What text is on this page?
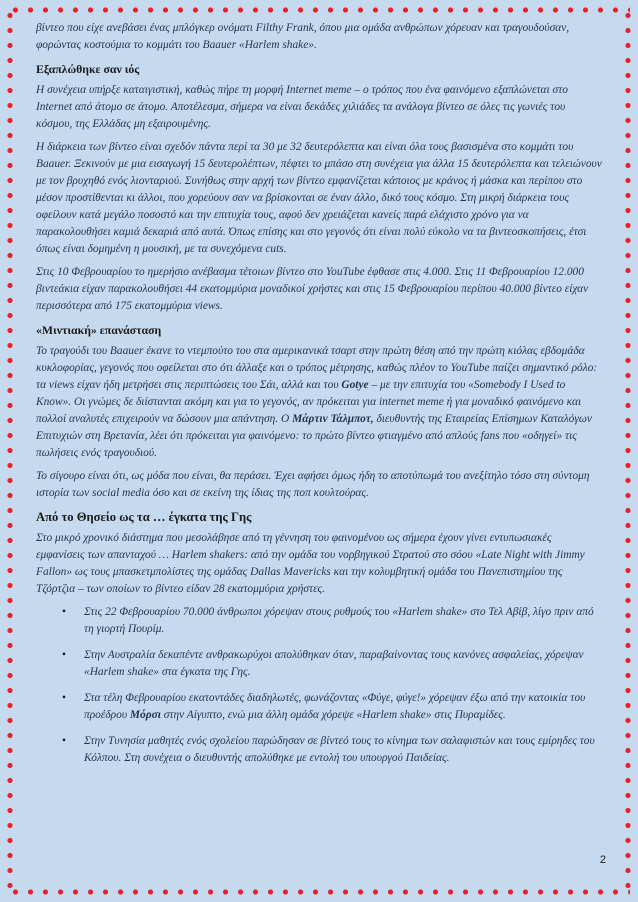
βίντεο που είχε ανεβάσει ένας μπλόγκερ ονόματι Filthy Frank, όπου μια ομάδα ανθρώπων χόρευαν και τραγουδούσαν, φορώντας κοστούμια το κομμάτι του Baauer «Harlem shake».

Εξαπλώθηκε σαν ιός

Η συνέχεια υπήρξε καταιγιστική, καθώς πήρε τη μορφή Internet meme – ο τρόπος που ένα φαινόμενο εξαπλώνεται στο Internet από άτομο σε άτομο. Αποτέλεσμα, σήμερα να είναι δεκάδες χιλιάδες τα ανάλογα βίντεο σε όλες τις γωνιές του κόσμου, της Ελλάδας μη εξαιρουμένης.

Η διάρκεια των βίντεο είναι σχεδόν πάντα περί τα 30 με 32 δευτερόλεπτα και είναι όλα τους βασισμένα στο κομμάτι του Baauer. Ξεκινούν με μια εισαγωγή 15 δευτερολέπτων, πέφτει το μπάσο στη συνέχεια για άλλα 15 δευτερόλεπτα και τελειώνουν με τον βρυχηθό ενός λιονταριού. Συνήθως στην αρχή των βίντεο εμφανίζεται κάποιος με κράνος ή μάσκα και περίπου στο μέσον προστίθενται κι άλλοι, που χορεύουν σαν να βρίσκονται σε έναν άλλο, δικό τους κόσμο. Στη μικρή διάρκεια τους οφείλουν κατά μεγάλο ποσοστό και την επιτυχία τους, αφού δεν χρειάζεται κανείς παρά ελάχιστο χρόνο για να παρακολουθήσει καμιά δεκαριά από αυτά. Όπως επίσης και στο γεγονός ότι είναι πολύ εύκολο να τα βιντεοσκοπήσεις, έτσι όπως είναι δομημένη η μουσική, με τα συνεχόμενα cuts.

Στις 10 Φεβρουαρίου το ημερήσιο ανέβασμα τέτοιων βίντεο στο YouTube έφθασε στις 4.000. Στις 11 Φεβρουαρίου 12.000 βιντεάκια είχαν παρακολουθήσει 44 εκατομμύρια μοναδικοί χρήστες και στις 15 Φεβρουαρίου περίπου 40.000 βίντεο είχαν περισσότερα από 175 εκατομμύρια views.

«Μιντιακή» επανάσταση

Το τραγούδι του Baauer έκανε το ντεμπούτο του στα αμερικανικά τσαρτ στην πρώτη θέση από την πρώτη κιόλας εβδομάδα κυκλοφορίας, γεγονός που οφείλεται στο ότι άλλαξε και ο τρόπος μέτρησης, καθώς πλέον το YouTube παίζει σημαντικό ρόλο: τα views είχαν ήδη μετρήσει στις περιπτώσεις του Σάι, αλλά και του Gotye – με την επιτυχία του «Somebody I Used to Know». Οι γνώμες δε διίστανται ακόμη και για το γεγονός, αν πρόκειται για internet meme ή για μοναδικό φαινόμενο και πολλοί αναλυτές επιχειρούν να δώσουν μια απάντηση. Ο Μάρτιν Τάλμποτ, διευθυντής της Εταιρείας Επίσημων Καταλόγων Επιτυχιών στη Βρετανία, λέει ότι πρόκειται για φαινόμενο: το πρώτο βίντεο φτιαγμένο από απλούς fans που «οδηγεί» τις πωλήσεις ενός τραγουδιού.

Το σίγουρο είναι ότι, ως μόδα που είναι, θα περάσει. Έχει αφήσει όμως ήδη το αποτύπωμά του ανεξίτηλο τόσο στη σύντομη ιστορία των social media όσο και σε εκείνη της ίδιας της ποπ κουλτούρας.

Από το Θησείο ως τα … έγκατα της Γης

Στο μικρό χρονικό διάστημα που μεσολάβησε από τη γέννηση του φαινομένου ως σήμερα έχουν γίνει εντυπωσιακές εμφανίσεις των απανταχού … Harlem shakers: από την ομάδα του νορβηγικού Στρατού στο σόου «Late Night with Jimmy Fallon» ως τους μπασκετμπολίστες της ομάδας Dallas Mavericks και την κολυμβητική ομάδα του Πανεπιστημίου της Τζόρτζια – των οποίων το βίντεο είδαν 28 εκατομμύρια χρήστες.

• Στις 22 Φεβρουαρίου 70.000 άνθρωποι χόρεψαν στους ρυθμούς του «Harlem shake» στο Τελ Αβίβ, λίγο πριν από τη γιορτή Πουρίμ.
• Στην Αυστραλία δεκαπέντε ανθρακωρύχοι απολύθηκαν όταν, παραβαίνοντας τους κανόνες ασφαλείας, χόρεψαν «Harlem shake» στα έγκατα της Γης.
• Στα τέλη Φεβρουαρίου εκατοντάδες διαδηλωτές, φωνάζοντας «Φύγε, φύγε!» χόρεψαν έξω από την κατοικία του προέδρου Μόρσι στην Αίγυπτο, ενώ μια άλλη ομάδα χόρεψε «Harlem shake» στις Πυραμίδες.
• Στην Τυνησία μαθητές ενός σχολείου παρώδησαν σε βίντεό τους το κίνημα των σαλαφιστών και τους εμίρηδες του Κόλπου. Στη συνέχεια ο διευθυντής απολύθηκε με εντολή του υπουργού Παιδείας.
2
